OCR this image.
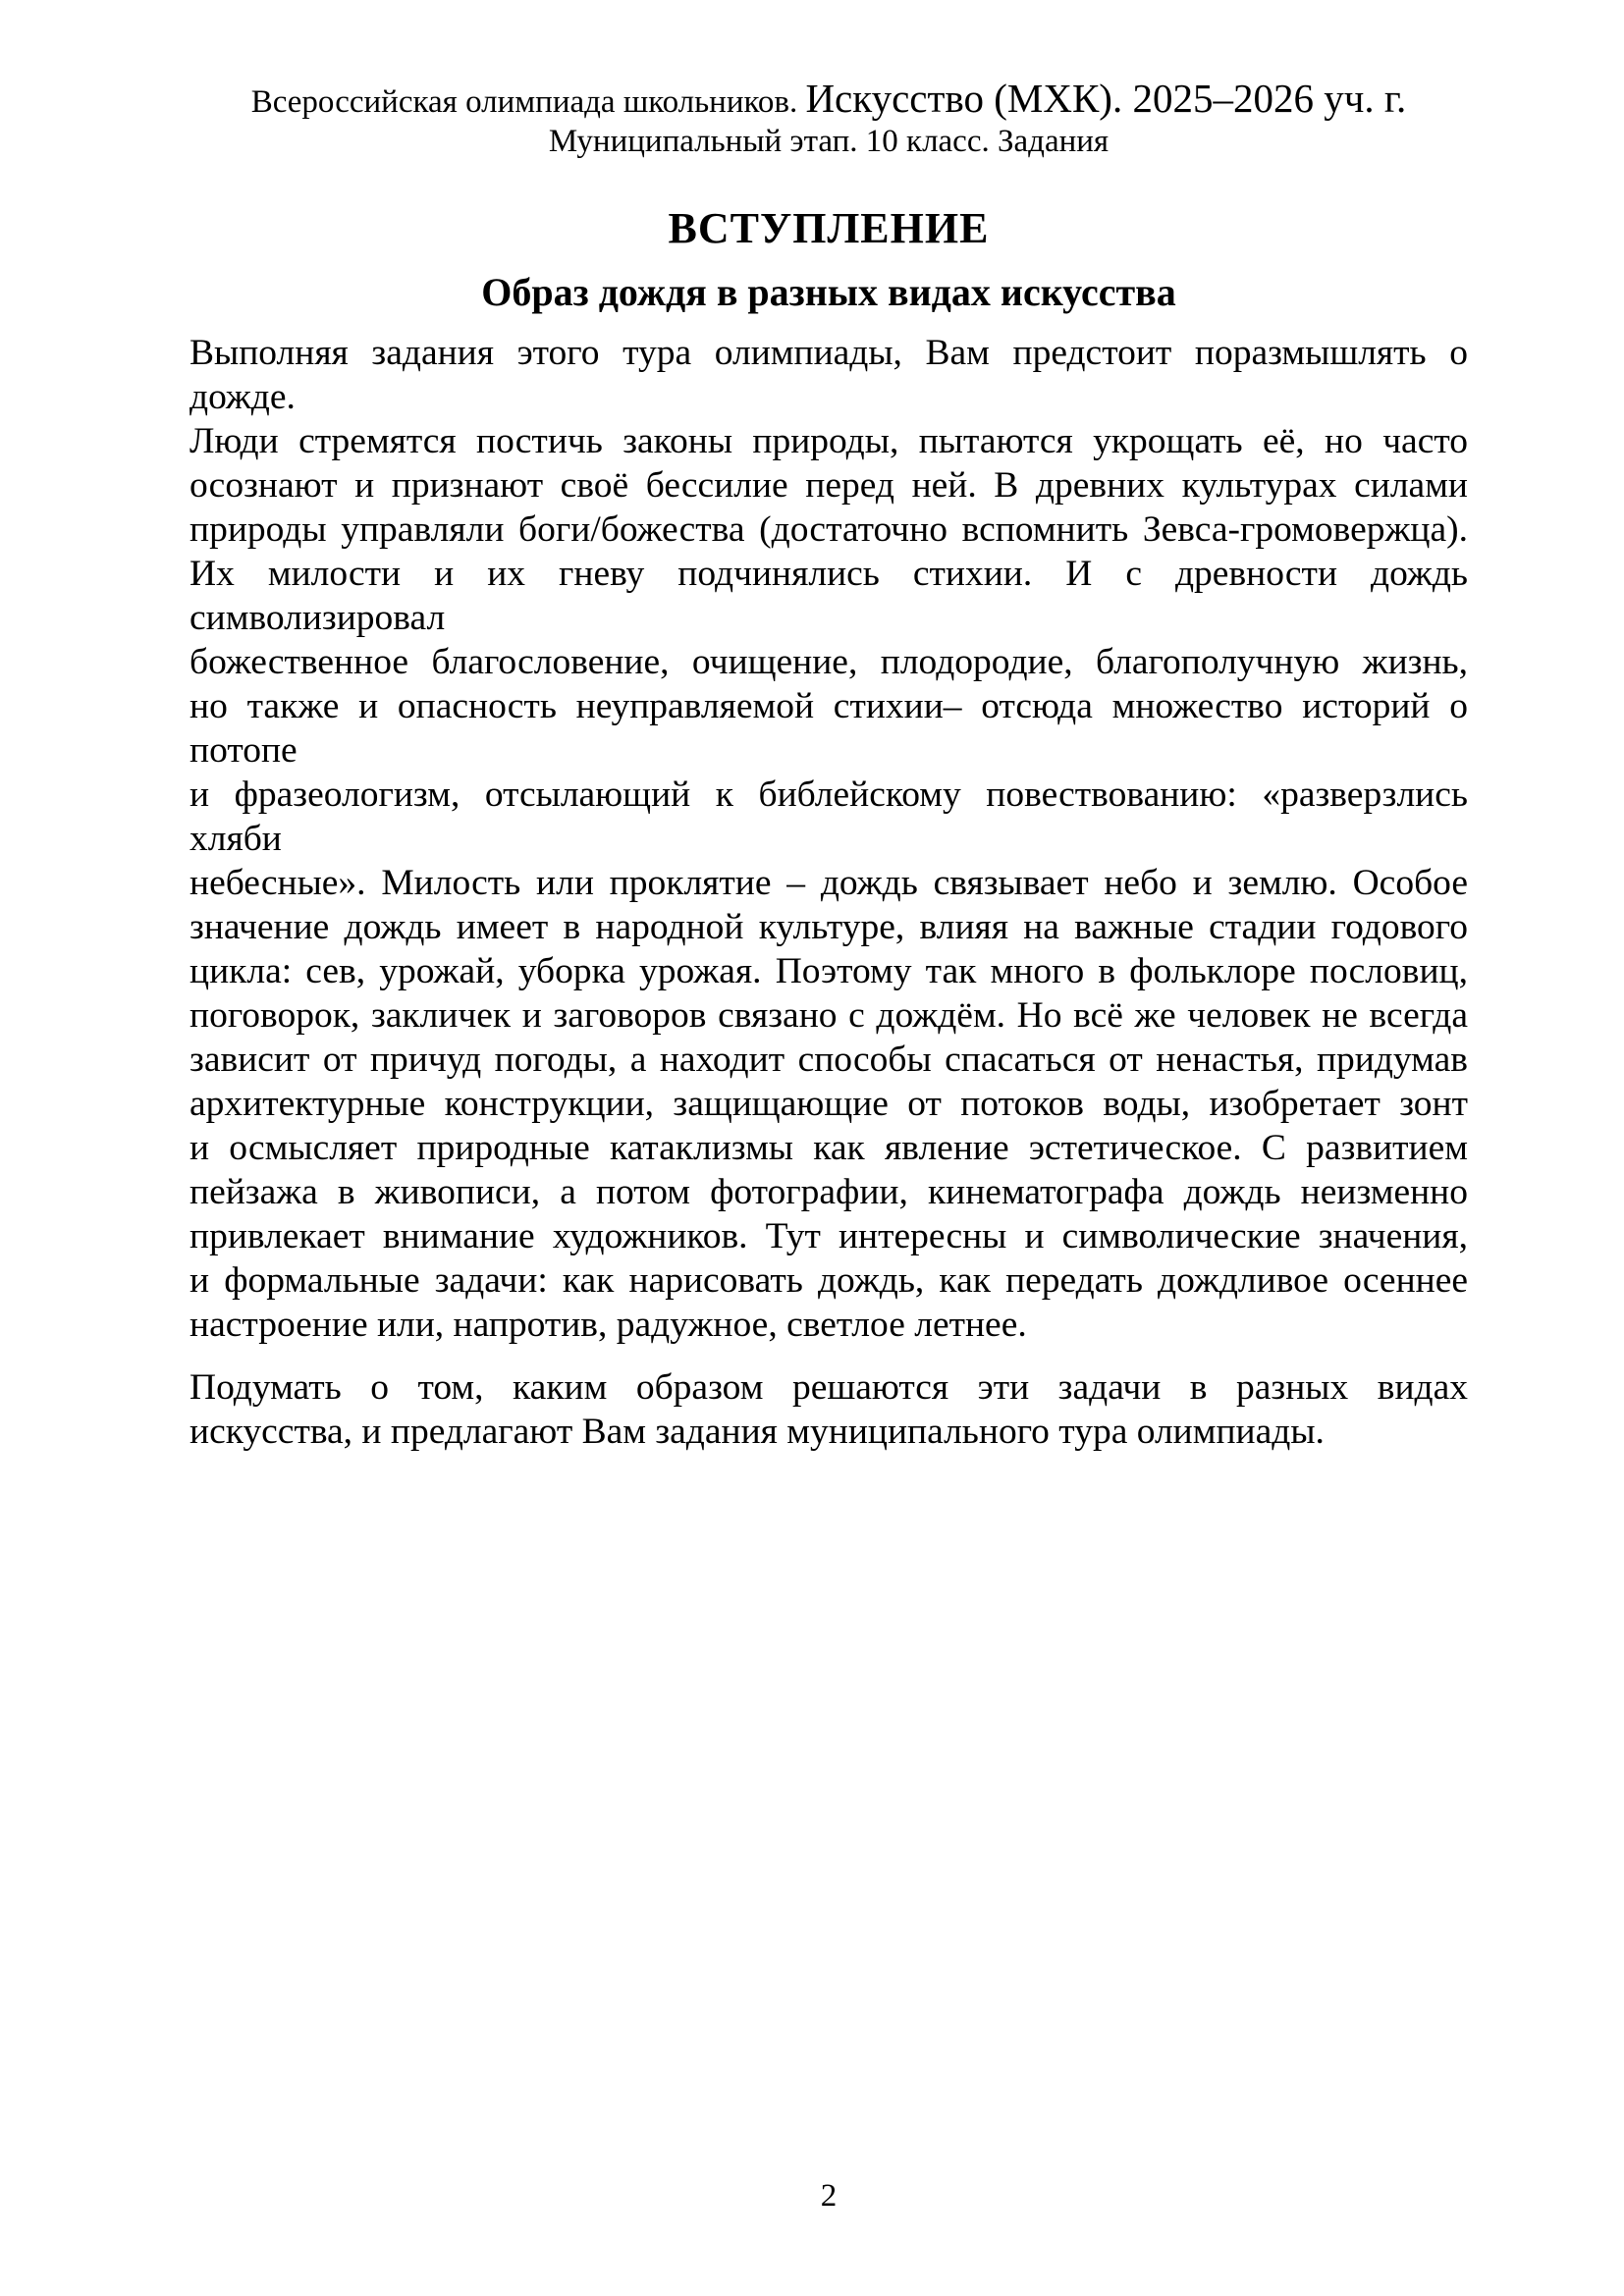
Всероссийская олимпиада школьников. Искусство (МХК). 2025–2026 уч. г.
Муниципальный этап. 10 класс. Задания
ВСТУПЛЕНИЕ
Образ дождя в разных видах искусства
Выполняя задания этого тура олимпиады, Вам предстоит поразмышлять о дожде.
Люди стремятся постичь законы природы, пытаются укрощать её, но часто
осознают и признают своё бессилие перед ней. В древних культурах силами
природы управляли боги/божества (достаточно вспомнить Зевса-громовержца).
Их милости и их гневу подчинялись стихии. И с древности дождь символизировал
божественное благословение, очищение, плодородие, благополучную жизнь,
но также и опасность неуправляемой стихии– отсюда множество историй о потопе
и фразеологизм, отсылающий к библейскому повествованию: «разверзлись хляби
небесные». Милость или проклятие – дождь связывает небо и землю. Особое
значение дождь имеет в народной культуре, влияя на важные стадии годового
цикла: сев, урожай, уборка урожая. Поэтому так много в фольклоре пословиц,
поговорок, закличек и заговоров связано с дождём. Но всё же человек не всегда
зависит от причуд погоды, а находит способы спасаться от ненастья, придумав
архитектурные конструкции, защищающие от потоков воды, изобретает зонт
и осмысляет природные катаклизмы как явление эстетическое. С развитием
пейзажа в живописи, а потом фотографии, кинематографа дождь неизменно
привлекает внимание художников. Тут интересны и символические значения,
и формальные задачи: как нарисовать дождь, как передать дождливое осеннее
настроение или, напротив, радужное, светлое летнее.
Подумать о том, каким образом решаются эти задачи в разных видах
искусства, и предлагают Вам задания муниципального тура олимпиады.
2
